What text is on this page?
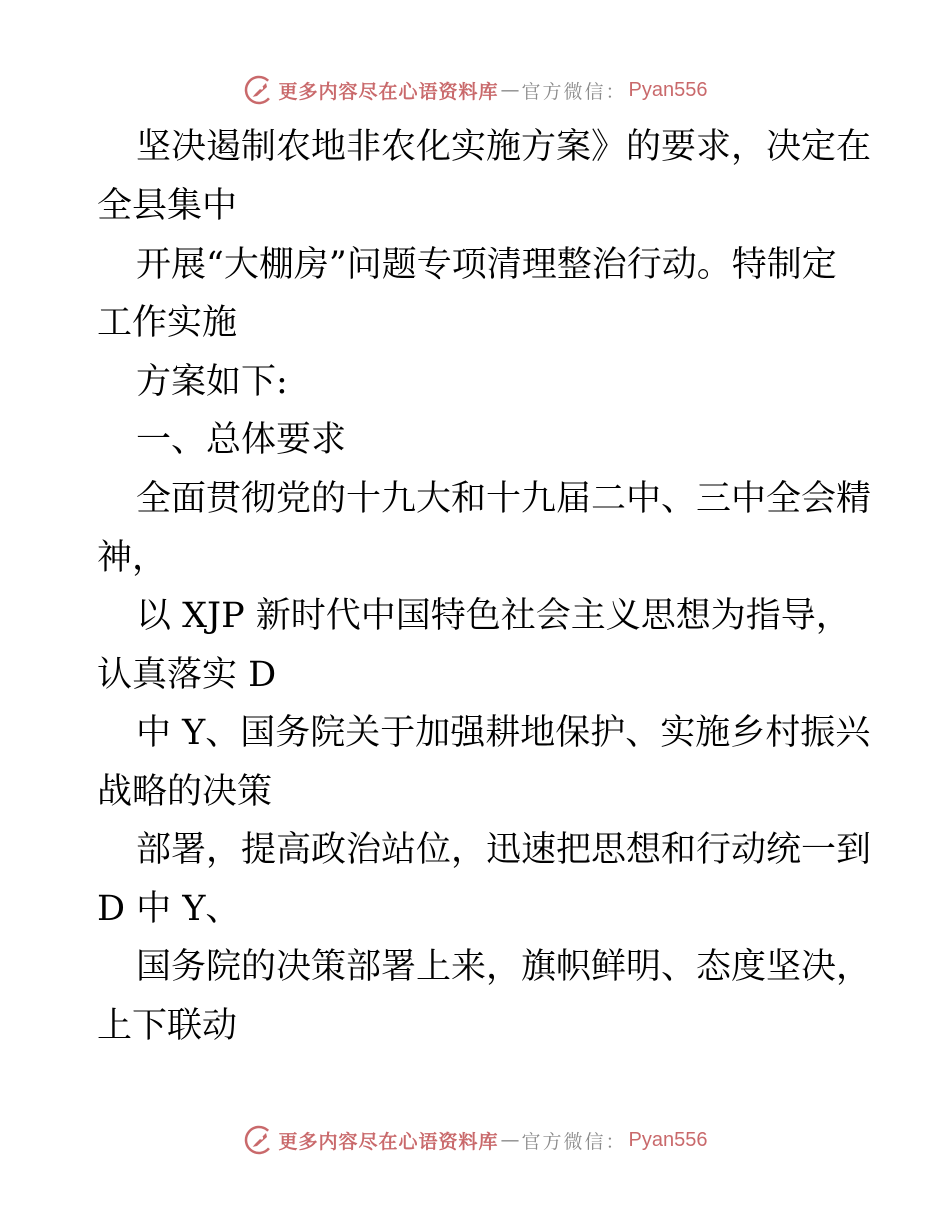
更多内容尽在心语资料库 — 官方微信： Pyan556
坚决遏制农地非农化实施方案》的要求，决定在
全县集中
开展“大棚房”问题专项清理整治行动。特制定
工作实施
方案如下:
一、总体要求
全面贯彻党的十九大和十九届二中、三中全会精
神，
以 XJP 新时代中国特色社会主义思想为指导，
认真落实 D
中 Y、国务院关于加强耕地保护、实施乡村振兴
战略的决策
部署，提高政治站位，迅速把思想和行动统一到
D 中 Y、
国务院的决策部署上来，旗帜鲜明、态度坚决，
上下联动
更多内容尽在心语资料库 — 官方微信： Pyan556
